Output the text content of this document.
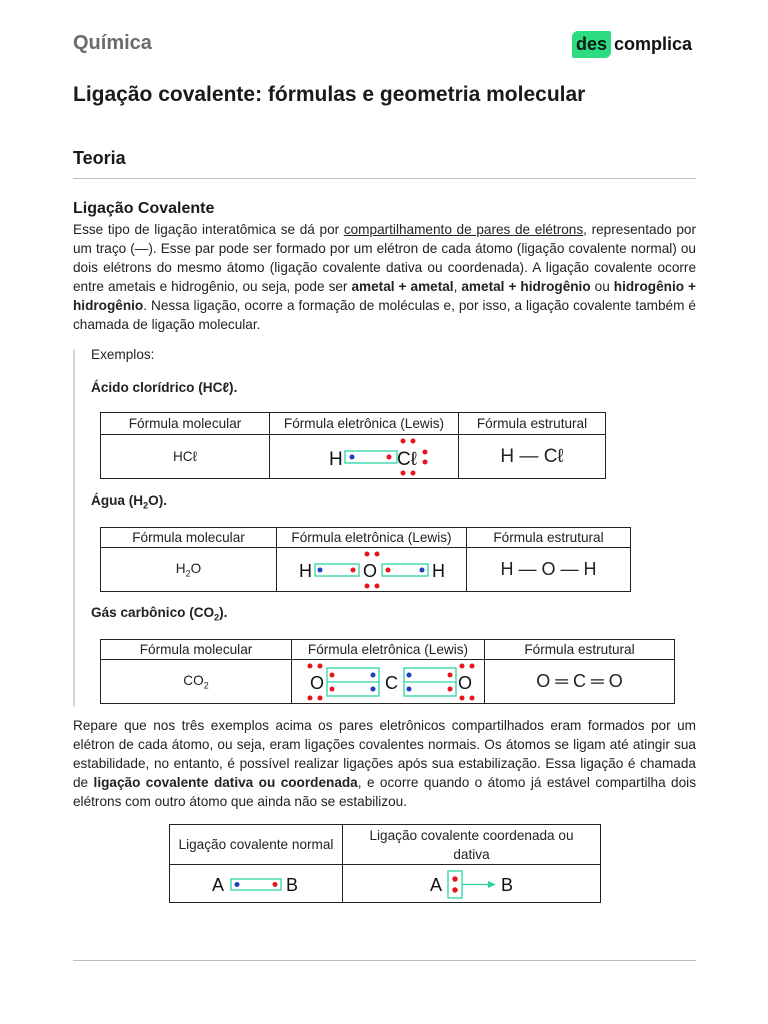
Química	des complica
Ligação covalente: fórmulas e geometria molecular
Teoria
Ligação Covalente
Esse tipo de ligação interatômica se dá por compartilhamento de pares de elétrons, representado por um traço (—). Esse par pode ser formado por um elétron de cada átomo (ligação covalente normal) ou dois elétrons do mesmo átomo (ligação covalente dativa ou coordenada). A ligação covalente ocorre entre ametais e hidrogênio, ou seja, pode ser ametal + ametal, ametal + hidrogênio ou hidrogênio + hidrogênio. Nessa ligação, ocorre a formação de moléculas e, por isso, a ligação covalente também é chamada de ligação molecular.
Exemplos:
Ácido clorídrico (HCℓ).
Fórmula molecular	Fórmula eletrônica (Lewis)	Fórmula estrutural
HCℓ	H Cℓ	H — Cℓ
Água $(H_2O)$.
Fórmula molecular	Fórmula eletrônica (Lewis)	Fórmula estrutural
$H_2O$	H O H	H — O — H
Gás carbônico $(CO_2)$.
Fórmula molecular	Fórmula eletrônica (Lewis)	Fórmula estrutural
$CO_2$	O C O	O ═ C ═ O
Repare que nos três exemplos acima os pares eletrônicos compartilhados eram formados por um elétron de cada átomo, ou seja, eram ligações covalentes normais. Os átomos se ligam até atingir sua estabilidade, no entanto, é possível realizar ligações após sua estabilização. Essa ligação é chamada de ligação covalente dativa ou coordenada, e ocorre quando o átomo já estável compartilha dois elétrons com outro átomo que ainda não se estabilizou.
Ligação covalente normal	Ligação covalente coordenada ou dativa

A B	A B
